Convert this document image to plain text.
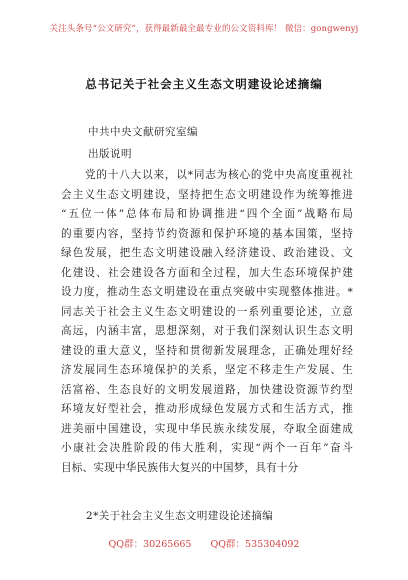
关注头条号“公文研究”，获得最新最全最专业的公文资料库！ 微信：gongwenyj
总书记关于社会主义生态文明建设论述摘编
中共中央文献研究室编
出版说明
党的十八大以来，以*同志为核心的党中央高度重视社
会主义生态文明建设，坚持把生态文明建设作为统筹推进
“五位一体”总体布局和协调推进“四个全面”战略布局
的重要内容，坚持节约资源和保护环境的基本国策，坚持
绿色发展，把生态文明建设融入经济建设、政治建设、文
化建设、社会建设各方面和全过程，加大生态环境保护建
设力度，推动生态文明建设在重点突破中实现整体推进。*
同志关于社会主义生态文明建设的一系列重要论述，立意
高远，内涵丰富，思想深刻，对于我们深刻认识生态文明
建设的重大意义，坚持和贯彻新发展理念，正确处理好经
济发展同生态环境保护的关系，坚定不移走生产发展、生
活富裕、生态良好的文明发展道路，加快建设资源节约型
环境友好型社会，推动形成绿色发展方式和生活方式，推
进美丽中国建设，实现中华民族永续发展，夺取全面建成
小康社会决胜阶段的伟大胜利，实现“两个一百年”奋斗
目标、实现中华民族伟大复兴的中国梦，具有十分
2*关于社会主义生态文明建设论述摘编
QQ群：30265665 QQ群：535304092
